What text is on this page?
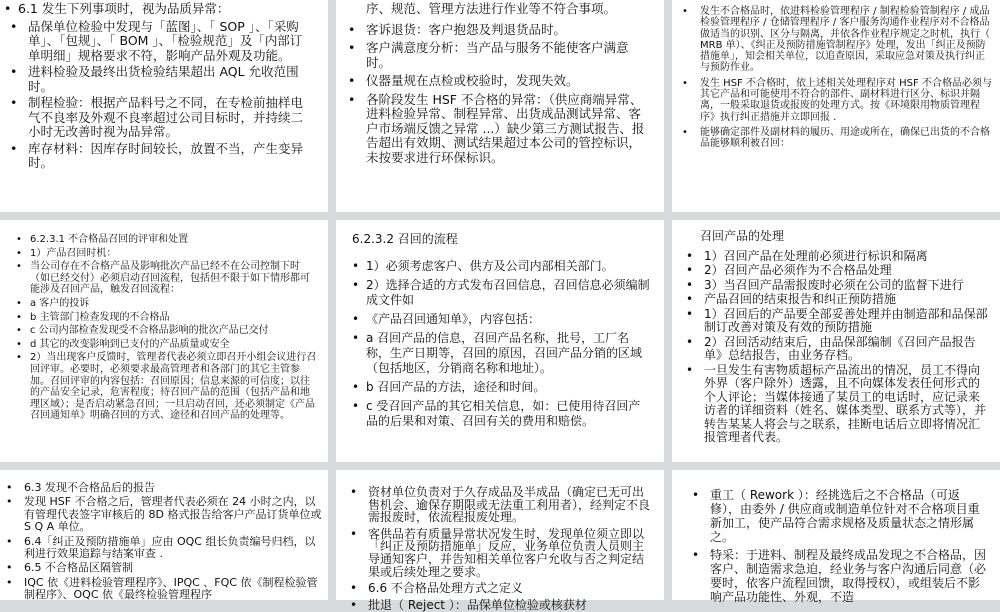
• 6.1 发生下列事项时，视为品质异常：
• 品保单位检验中发现与「蓝图」、「 SOP 」、「采购单」、「包规」、「 BOM 」、「检验规范」及「内部订单明细」规格要求不符，影响产品外观及功能。
• 进料检验及最终出货检验结果超出 AQL 允收范围时。
• 制程检验：根据产品料号之不同，在专检前抽样电气不良率及外观不良率超过公司目标时，并持续二小时无改善时视为品异常。
• 库存材料：因库存时间较长，放置不当，产生变异时。
序、规范、管理方法进行作业等不符合事项。
• 客诉退货：客户抱怨及判退货品时。
• 客户满意度分析：当产品与服务不能使客户满意时。
• 仪器量规在点检或校验时，发现失效。
• 各阶段发生 HSF 不合格的异常：（供应商端异常、进料检验异常、制程异常、出货成品测试异常、客户市场端反馈之异常 ...）缺少第三方测试报告、报告超出有效期、测试结果超过本公司的管控标识，未按要求进行环保标识。
• 发生不合格品时，依进料检验管理程序 / 制程检验管制程序 / 成品检验管理程序 / 仓储管理程序 / 客户服务沟通作业程序对不合格品做适当的识别、区分与隔离，并依各作业程序规定之时机，执行（ MRB 单）、《纠正及预防措施管制程序》处理，发出「纠正及预防措施单」，知会相关单位，以追查原因，采取应急对策及执行纠正与预防作业。
• 发生 HSF 不合格时，依上述相关处理程序对 HSF 不合格品必须与其它产品和可能使用不符合的部件、副材料进行区分、标识并隔离，一般采取退货或报废的处理方式。按《环境限用物质管理程序》执行纠正措施并立即回报 .
• 能够确定部件及副材料的履历、用途或所在，确保已出货的不合格品能够顺利被召回：
• 6.2.3.1 不合格品召回的评审和处置
• 1）产品召回时机：
• 当公司存在不合格产品及影响批次产品已经不在公司控制下时（如已经交付）必须启动召回流程，包括但不限于如下情形都可能涉及召回产品，触发召回流程：
• a 客户的投诉
• b 主管部门检查发现的不合格品
• c 公司内部检查发现受不合格品影响的批次产品已交付
• d 其它的改变影响到已支付的产品质量或安全
• 2）当出现客户反馈时，管理者代表必须立即召开小组会议进行召回评审。必要时，必须要求最高管理者和各部门的其它主管参加。召回评审的内容包括：召回原因；信息来源的可信度；以往的产品安全记录，危害程度；待召回产品的范围（包括产品和地理区域）；是否启动紧急召回；一旦启动召回，还必须制定《产品召回通知单》明确召回的方式、途径和召回产品的处理等。
6.2.3.2 召回的流程
• 1）必须考虑客户、供方及公司内部相关部门。
• 2）选择合适的方式发布召回信息，召回信息必须编制成文件如
• 《产品召回通知单》，内容包括：
• a 召回产品的信息，召回产品名称，批号，工厂名称，生产日期等，召回的原因，召回产品分销的区域（包括地区，分销商名称和地址）。
• b 召回产品的方法，途径和时间。
• c 受召回产品的其它相关信息，如：已使用待召回产品的后果和对策、召回有关的费用和赔偿。
召回产品的处理
• 1）召回产品在处理前必须进行标识和隔离
• 2）召回产品必须作为不合格品处理
• 3）当召回产品需报废时必须在公司的监督下进行
• 产品召回的结束报告和纠正预防措施
• 1）召回后的产品要全部妥善处理并由制造部和品保部制订改善对策及有效的预防措施
• 2）召回活动结束后，由品保部编制《召回产品报告单》总结报告，由业务存档。
• 一旦发生有害物质超标产品流出的情况，员工不得向外界（客户除外）透露，且不向媒体发表任何形式的个人评论；当媒体接通了某员工的电话时，应记录来访者的详细资料（姓名、媒体类型、联系方式等），并转告某某人将会与之联系，挂断电话后立即将情况汇报管理者代表。
• 6.3 发现不合格品后的报告
• 发现 HSF 不合格之后，管理者代表必须在 24 小时之内，以有管理代表签字审核后的 8D 格式报告给客户产品订货单位或 S Q A 单位。
• 6.4「纠正及预防措施单」应由 OQC 组长负责编号归档，以利进行效果追踪与结案审查 .
• 6.5 不合格品区隔管制
• IQC 依《进料检验管理程序》、IPQC 、FQC 依《制程检验管制程序》、OQC 依《最终检验管理程序
• 资材单位负责对于久存成品及半成品（确定已无可出售机会、逾保存期限或无法重工利用者），经判定不良需报废时，依流程报废处理。
• 客供品若有质量异常状况发生时，发现单位须立即以「纠正及预防措施单」反应，业务单位负责人员则主导通知客户，并告知相关单位客户允收与否之判定结果或后续处理之要求。
• 6.6 不合格品处理方式之定义
• 批退（ Reject ）：品保单位检验或核获材
• 重工（ Rework ）：经挑选后之不合格品（可返修），由委外 / 供应商或制造单位针对不合格项目重新加工，使产品符合需求规格及质量状态之情形属之。
• 特采：于进料、制程及最终成品发现之不合格品，因客户、制造需求急迫，经业务与客户沟通后同意（必要时，依客户流程回馈，取得授权），或组装后不影响产品功能性、外观，不造
